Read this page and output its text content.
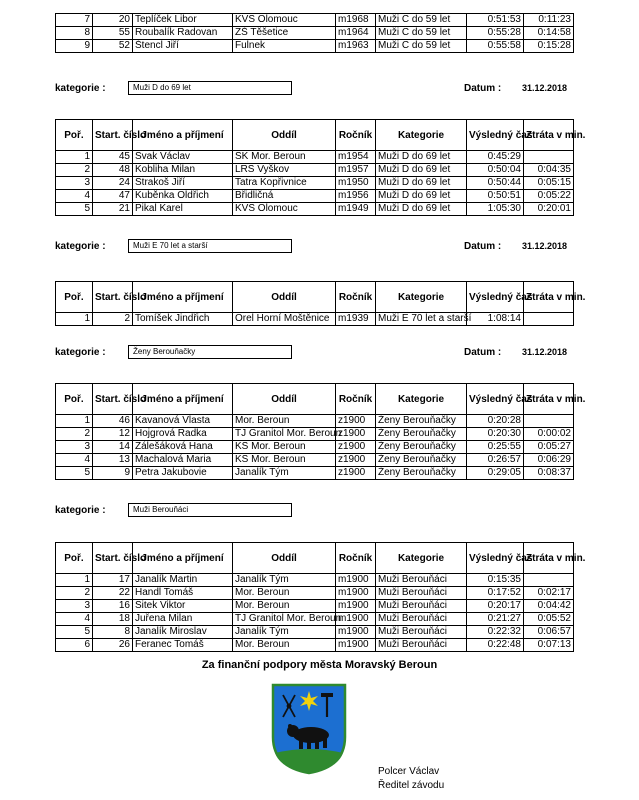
7	20	Teplíček Libor	KVS Olomouc	m1968	Muži C do 59 let	0:51:53	0:11:23
8	55	Roubalík Radovan	ZŠ Těšetice	m1964	Muži C do 59 let	0:55:28	0:14:58
9	52	Štencl Jiří	Fulnek	m1963	Muži C do 59 let	0:55:58	0:15:28
kategorie :	Muži D do 69 let	Datum : 31.12.2018
Poř.	Start. číslo	Jméno a příjmení	Oddíl	Ročník	Kategorie	Výsledný čas	Ztráta v min.
1	45	Svak Václav	SK Mor. Beroun	m1954	Muži D do 69 let	0:45:29	
2	48	Kobliha Milan	LRS Vyškov	m1957	Muži D do 69 let	0:50:04	0:04:35
3	24	Strakoš Jiří	Tatra Kopřivnice	m1950	Muži D do 69 let	0:50:44	0:05:15
4	47	Kuběnka Oldřich	Břidličná	m1956	Muži D do 69 let	0:50:51	0:05:22
5	21	Pikal Karel	KVS Olomouc	m1949	Muži D do 69 let	1:05:30	0:20:01
kategorie :	Muži E 70 let a starší	Datum : 31.12.2018
Poř.	Start. číslo	Jméno a příjmení	Oddíl	Ročník	Kategorie	Výsledný čas	Ztráta v min.
1	2	Tomíšek Jindřich	Orel Horní Moštěnice	m1939	Muži E 70 let a starší	1:08:14	
kategorie :	Ženy Berouňačky	Datum : 31.12.2018
Poř.	Start. číslo	Jméno a příjmení	Oddíl	Ročník	Kategorie	Výsledný čas	Ztráta v min.
1	46	Kavanová Vlasta	Mor. Beroun	z1900	Ženy Berouňačky	0:20:28	
2	12	Hojgrová Radka	TJ Granitol Mor. Beroun	z1900	Ženy Berouňačky	0:20:30	0:00:02
3	14	Zálešáková Hana	KS Mor. Beroun	z1900	Ženy Berouňačky	0:25:55	0:05:27
4	13	Machalová Maria	KS Mor. Beroun	z1900	Ženy Berouňačky	0:26:57	0:06:29
5	9	Petra Jakubovie	Janalík Tým	z1900	Ženy Berouňačky	0:29:05	0:08:37
kategorie :	Muži Berouňáci
Poř.	Start. číslo	Jméno a příjmení	Oddíl	Ročník	Kategorie	Výsledný čas	Ztráta v min.
1	17	Janalík Martin	Janalík Tým	m1900	Muži Berouňáci	0:15:35	
2	22	Handl Tomáš	Mor. Beroun	m1900	Muži Berouňáci	0:17:52	0:02:17
3	16	Sitek Viktor	Mor. Beroun	m1900	Muži Berouňáci	0:20:17	0:04:42
4	18	Juřena Milan	TJ Granitol Mor. Beroun	m1900	Muži Berouňáci	0:21:27	0:05:52
5	8	Janalík Miroslav	Janalík Tým	m1900	Muži Berouňáci	0:22:32	0:06:57
6	26	Feranec Tomáš	Mor. Beroun	m1900	Muži Berouňáci	0:22:48	0:07:13
Za finanční podpory města Moravský Beroun
Polcer Václav
Ředitel závodu
